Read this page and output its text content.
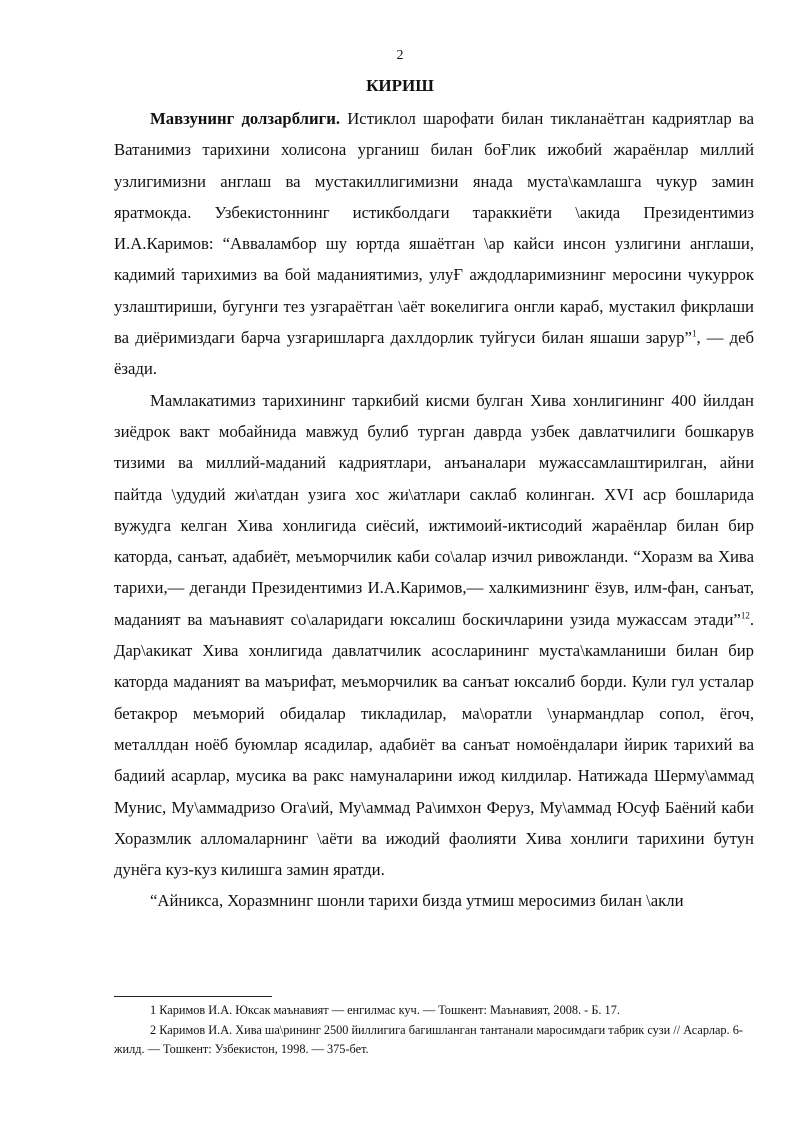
2
КИРИШ

Мавзунинг долзарблиги. Истиклол шарофати билан тикланаётган кадриятлар ва Ватанимиз тарихини холисона урганиш билан боҒлик ижобий жараёнлар миллий узлигимизни англаш ва мустакиллигимизни янада муста\камлашга чукур замин яратмокда. Узбекистоннинг истикболдаги тараккиёти \акида Президентимиз И.А.Каримов: “Авваламбор шу юртда яшаётган \ар кайси инсон узлигини англаши, кадимий тарихимиз ва бой маданиятимиз, улуҒ аждодларимизнинг меросини чукуррок узлаштириши, бугунги тез узгараётган \аёт вокелигига онгли караб, мустакил фикрлаши ва диёримиздаги барча узгаришларга дахлдорлик туйгуси билан яшаши зарур”$^1$, — деб ёзади.

Мамлакатимиз тарихининг таркибий кисми булган Хива хонлигининг 400 йилдан зиёдрок вакт мобайнида мавжуд булиб турган даврда узбек давлатчилиги бошкарув тизими ва миллий-маданий кадриятлари, анъаналари мужассамлаштирилган, айни пайтда \удудий жи\атдан узига хос жи\атлари саклаб колинган. XVI аср бошларида вужудга келган Хива хонлигида сиёсий, ижтимоий-иктисодий жараёнлар билан бир каторда, санъат, адабиёт, меъморчилик каби со\алар изчил ривожланди. “Хоразм ва Хива тарихи,— деганди Президентимиз И.А.Каримов,— халкимизнинг ёзув, илм-фан, санъат, маданият ва маънавият со\аларидаги юксалиш боскичларини узида мужассам этади”$^{12}$. Дар\акикат Хива хонлигида давлатчилик асосларининг муста\камланиши билан бир каторда маданият ва маърифат, меъморчилик ва санъат юксалиб борди. Кули гул усталар бетакрор меъморий обидалар тикладилар, ма\оратли \унармандлар сопол, ёгоч, металлдан ноёб буюмлар ясадилар, адабиёт ва санъат номоёндалари йирик тарихий ва бадиий асарлар, мусика ва ракс намуналарини ижод килдилар. Натижада Шерму\аммад Мунис, Му\аммадризо Ога\ий, Му\аммад Ра\имхон Феруз, Му\аммад Юсуф Баёний каби Хоразмлик алломаларнинг \аёти ва ижодий фаолияти Хива хонлиги тарихини бутун дунёга куз-куз килишга замин яратди.

“Айникса, Хоразмнинг шонли тарихи бизда утмиш меросимиз билан \акли

1 Каримов И.А. Юксак маънавият — енгилмас куч. — Тошкент: Маънавият, 2008. - Б. 17.

2 Каримов И.А. Хива ша\рининг 2500 йиллигига багишланган тантанали маросимдаги табрик сузи // Асарлар. 6-жилд. — Тошкент: Узбекистон, 1998. — 375-бет.
